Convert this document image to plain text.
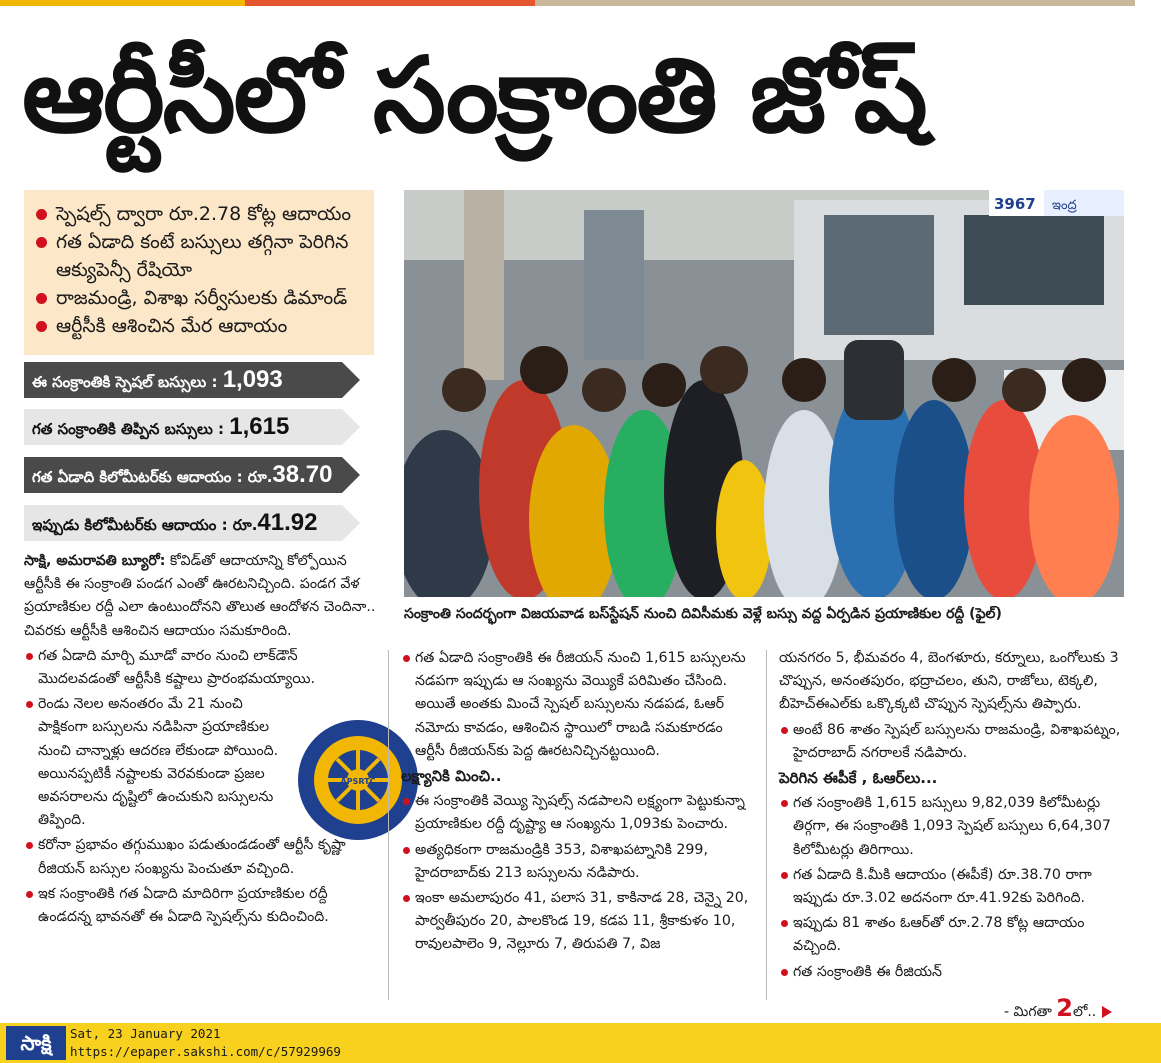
ఆర్టీసీలో సంక్రాంతి జోష్
స్పెషల్స్ ద్వారా రూ.2.78 కోట్ల ఆదాయం
గత ఏడాది కంటే బస్సులు తగ్గినా పెరిగిన ఆక్యుపెన్సీ రేషియో
రాజమండ్రి, విశాఖ సర్వీసులకు డిమాండ్
ఆర్టీసీకి ఆశించిన మేర ఆదాయం
ఈ సంక్రాంతికి స్పెషల్ బస్సులు : 1,093
గత సంక్రాంతికి తిప్పిన బస్సులు : 1,615
గత ఏడాది కిలోమీటర్‌కు ఆదాయం : రూ.38.70
ఇప్పుడు కిలోమీటర్‌కు ఆదాయం : రూ.41.92
3967 ఇంద్ర
సంక్రాంతి సందర్భంగా విజయవాడ బస్‌స్టేషన్ నుంచి దివిసీమకు వెళ్లే బస్సు వద్ద ఏర్పడిన ప్రయాణికుల రద్దీ (ఫైల్)

సాక్షి, అమరావతి బ్యూరో: కోవిడ్‌తో ఆదాయాన్ని కోల్పోయిన ఆర్టీసీకి ఈ సంక్రాంతి పండగ ఎంతో ఊరటనిచ్చింది. పండగ వేళ ప్రయాణికుల రద్దీ ఎలా ఉంటుందోనని తొలుత ఆందోళన చెందినా.. చివరకు ఆర్టీసీకి ఆశించిన ఆదాయం సమకూరింది.

గత ఏడాది మార్చి మూడో వారం నుంచి లాక్‌డౌన్ మొదలవడంతో ఆర్టీసీకి కష్టాలు ప్రారంభమయ్యాయి.

రెండు నెలల అనంతరం మే 21 నుంచి పాక్షికంగా బస్సులను నడిపినా ప్రయాణికుల నుంచి చాన్నాళ్లు ఆదరణ లేకుండా పోయింది. అయినప్పటికీ నష్టాలకు వెరవకుండా ప్రజల అవసరాలను దృష్టిలో ఉంచుకుని బస్సులను తిప్పింది.

కరోనా ప్రభావం తగ్గుముఖం పడుతుండడంతో ఆర్టీసీ కృష్ణా రీజియన్ బస్సుల సంఖ్యను పెంచుతూ వచ్చింది.

ఇక సంక్రాంతికి గత ఏడాది మాదిరిగా ప్రయాణికుల రద్దీ ఉండదన్న భావనతో ఈ ఏడాది స్పెషల్స్‌ను కుదించింది.

APSRTC

గత ఏడాది సంక్రాంతికి ఈ రీజియన్ నుంచి 1,615 బస్సులను నడపగా ఇప్పుడు ఆ సంఖ్యను వెయ్యికే పరిమితం చేసింది. అయితే అంతకు మించే స్పెషల్ బస్సులను నడపడ, ఓఆర్ నమోదు కావడం, ఆశించిన స్థాయిలో రాబడి సమకూరడం ఆర్టీసీ రీజియన్‌కు పెద్ద ఊరటనిచ్చినట్టయింది.

లక్ష్యానికి మించి..

ఈ సంక్రాంతికి వెయ్యి స్పెషల్స్ నడపాలని లక్ష్యంగా పెట్టుకున్నా ప్రయాణికుల రద్దీ దృష్ట్యా ఆ సంఖ్యను 1,093కు పెంచారు.

అత్యధికంగా రాజమండ్రికి 353, విశాఖపట్నానికి 299, హైదరాబాద్‌కు 213 బస్సులను నడిపారు.

ఇంకా అమలాపురం 41, పలాస 31, కాకినాడ 28, చెన్నై 20, పార్వతీపురం 20, పాలకొండ 19, కడప 11, శ్రీకాకుళం 10, రావులపాలెం 9, నెల్లూరు 7, తిరుపతి 7, విజ

యనగరం 5, భీమవరం 4, బెంగళూరు, కర్నూలు, ఒంగోలుకు 3 చొప్పున, అనంతపురం, భద్రాచలం, తుని, రాజోలు, టెక్కలి, బీహెచ్‌ఈఎల్‌కు ఒక్కొక్కటి చొప్పున స్పెషల్స్‌ను తిప్పారు.

అంటే 86 శాతం స్పెషల్ బస్సులను రాజమండ్రి, విశాఖపట్నం, హైదరాబాద్ నగరాలకే నడిపారు.

పెరిగిన ఈపీకే , ఓఆర్‌లు...

గత సంక్రాంతికి 1,615 బస్సులు 9,82,039 కిలోమీటర్లు తిర్గగా, ఈ సంక్రాంతికి 1,093 స్పెషల్ బస్సులు 6,64,307 కిలోమీటర్లు తిరిగాయి.

గత ఏడాది కి.మీకి ఆదాయం (ఈపీకే) రూ.38.70 రాగా ఇప్పుడు రూ.3.02 అదనంగా రూ.41.92కు పెరిగింది.

ఇప్పుడు 81 శాతం ఓఆర్‌తో రూ.2.78 కోట్ల ఆదాయం వచ్చింది.

గత సంక్రాంతికి ఈ రీజియన్

- మిగతా 2లో..
సాక్షి	Sat, 23 January 2021
https://epaper.sakshi.com/c/57929969
